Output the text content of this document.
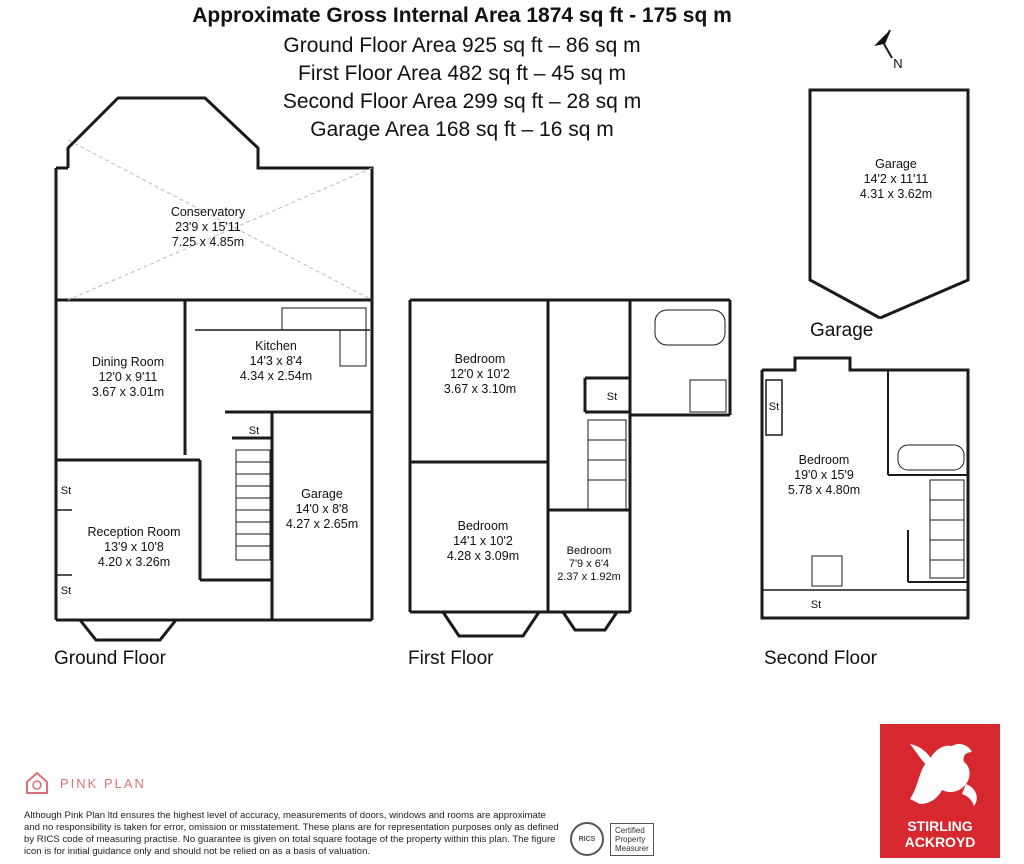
Approximate Gross Internal Area 1874 sq ft - 175 sq m
Ground Floor Area 925 sq ft – 86 sq m
First Floor Area 482 sq ft – 45 sq m
Second Floor Area 299 sq ft – 28 sq m
Garage Area 168 sq ft – 16 sq m
Conservatory
23'9 x 15'11
7.25 x 4.85m
Dining Room
12'0 x 9'11
3.67 x 3.01m
Kitchen
14'3 x 8'4
4.34 x 2.54m
Garage
14'0 x 8'8
4.27 x 2.65m
Reception Room
13'9 x 10'8
4.20 x 3.26m
Bedroom
12'0 x 10'2
3.67 x 3.10m
Bedroom
14'1 x 10'2
4.28 x 3.09m	Bedroom
7'9 x 6'4
2.37 x 1.92m
Bedroom
19'0 x 15'9
5.78 x 4.80m
Garage
14'2 x 11'11
4.31 x 3.62m
St
St
St
St
St
St
N
Ground Floor	First Floor	Second Floor
Garage
PINK PLAN
Although Pink Plan ltd ensures the highest level of accuracy, measurements of doors, windows and rooms are approximate and no responsibility is taken for error, omission or misstatement. These plans are for representation purposes only as defined by RICS code of measuring practise. No guarantee is given on total square footage of the property within this plan. The figure icon is for initial guidance only and should not be relied on as a basis of valuation.
RICS
Certified
Property
Measurer
STIRLING
ACKROYD
